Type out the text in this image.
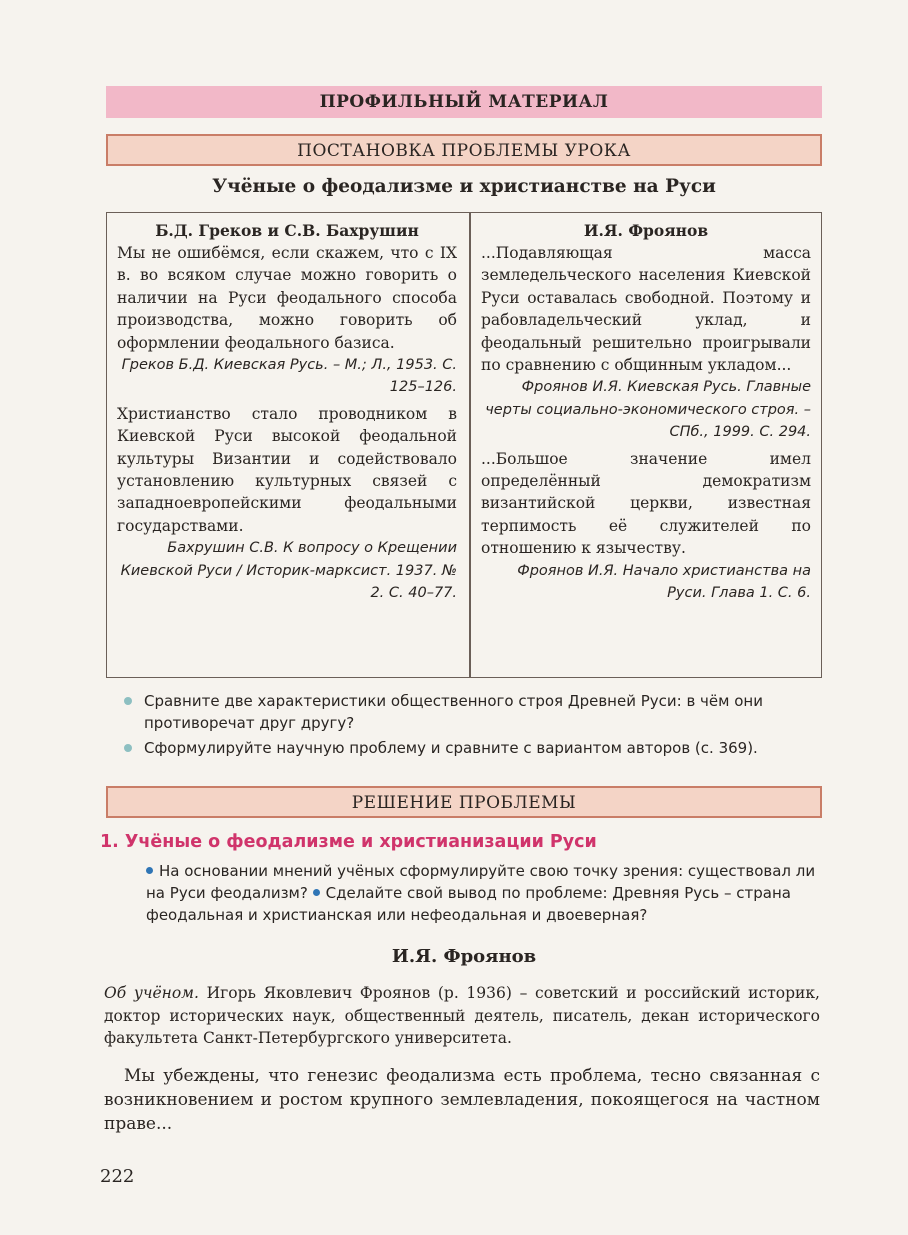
ПРОФИЛЬНЫЙ МАТЕРИАЛ
ПОСТАНОВКА ПРОБЛЕМЫ УРОКА
Учёные о феодализме и христианстве на Руси
Б.Д. Греков и С.В. Бахрушин

Мы не ошибёмся, если скажем, что с IX в. во всяком случае можно говорить о наличии на Руси феодального способа производства, можно говорить об оформлении феодального базиса.

Греков Б.Д. Киевская Русь. – М.; Л., 1953. С. 125–126.

Христианство стало проводником в Киевской Руси высокой феодальной культуры Византии и содействовало установлению культурных связей с западноевропейскими феодальными государствами.

Бахрушин С.В. К вопросу о Крещении Киевской Руси / Историк-марксист. 1937. № 2. С. 40–77.

И.Я. Фроянов

...Подавляющая масса земледельческого населения Киевской Руси оставалась свободной. Поэтому и рабовладельческий уклад, и феодальный решительно проигрывали по сравнению с общинным укладом...

Фроянов И.Я. Киевская Русь. Главные черты социально-экономического строя. – СПб., 1999. С. 294.

...Большое значение имел определённый демократизм византийской церкви, известная терпимость её служителей по отношению к язычеству.

Фроянов И.Я. Начало христианства на Руси. Глава 1. С. 6.

Сравните две характеристики общественного строя Древней Руси: в чём они противоречат друг другу?
Сформулируйте научную проблему и сравните с вариантом авторов (с. 369).
РЕШЕНИЕ ПРОБЛЕМЫ
1. Учёные о феодализме и христианизации Руси
На основании мнений учёных сформулируйте свою точку зрения: существовал ли на Руси феодализм? Сделайте свой вывод по проблеме: Древняя Русь – страна феодальная и христианская или нефеодальная и двоеверная?
И.Я. Фроянов
Об учёном. Игорь Яковлевич Фроянов (р. 1936) – советский и российский историк, доктор исторических наук, общественный деятель, писатель, декан исторического факультета Санкт-Петербургского университета.
Мы убеждены, что генезис феодализма есть проблема, тесно связанная с возникновением и ростом крупного землевладения, покоящегося на частном праве...
222
